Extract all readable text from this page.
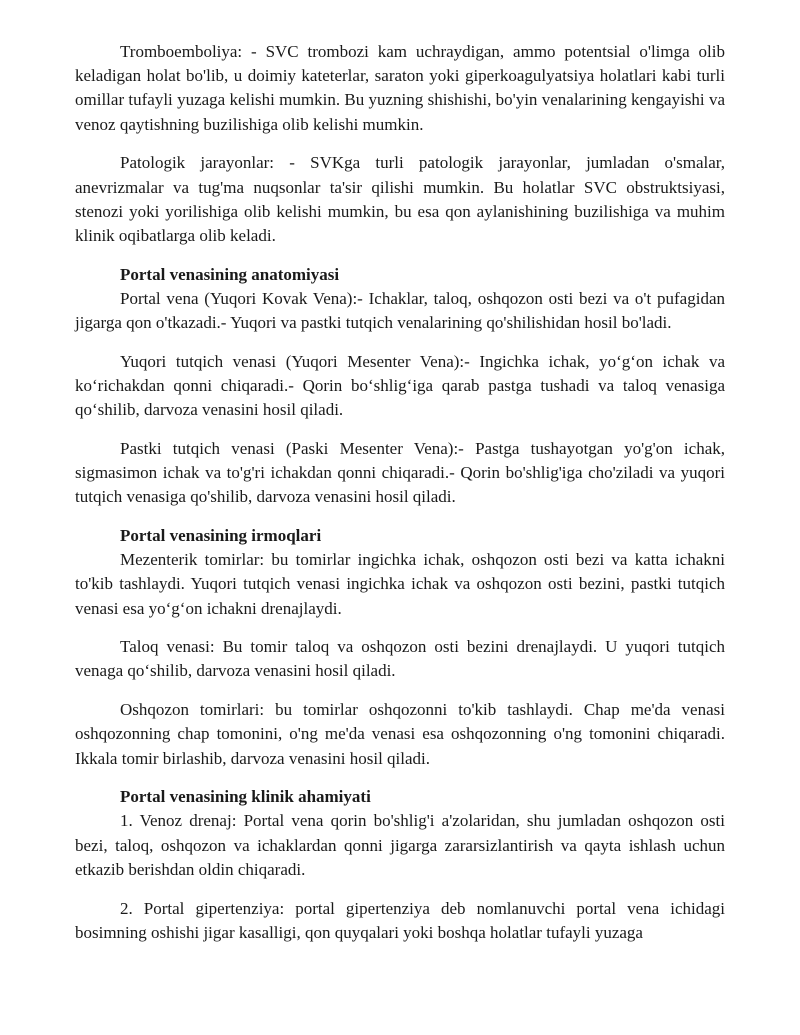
Tromboemboliya: - SVC trombozi kam uchraydigan, ammo potentsial o'limga olib keladigan holat bo'lib, u doimiy kateterlar, saraton yoki giperkoagulyatsiya holatlari kabi turli omillar tufayli yuzaga kelishi mumkin. Bu yuzning shishishi, bo'yin venalarining kengayishi va venoz qaytishning buzilishiga olib kelishi mumkin.

Patologik jarayonlar: - SVKga turli patologik jarayonlar, jumladan o'smalar, anevrizmalar va tug'ma nuqsonlar ta'sir qilishi mumkin. Bu holatlar SVC obstruktsiyasi, stenozi yoki yorilishiga olib kelishi mumkin, bu esa qon aylanishining buzilishiga va muhim klinik oqibatlarga olib keladi.

Portal venasining anatomiyasi

Portal vena (Yuqori Kovak Vena):- Ichaklar, taloq, oshqozon osti bezi va o't pufagidan jigarga qon o'tkazadi.- Yuqori va pastki tutqich venalarining qo'shilishidan hosil bo'ladi.

Yuqori tutqich venasi (Yuqori Mesenter Vena):- Ingichka ichak, yo‘g‘on ichak va ko‘richakdan qonni chiqaradi.- Qorin bo‘shlig‘iga qarab pastga tushadi va taloq venasiga qo‘shilib, darvoza venasini hosil qiladi.

Pastki tutqich venasi (Paski Mesenter Vena):- Pastga tushayotgan yo'g'on ichak, sigmasimon ichak va to'g'ri ichakdan qonni chiqaradi.- Qorin bo'shlig'iga cho'ziladi va yuqori tutqich venasiga qo'shilib, darvoza venasini hosil qiladi.

Portal venasining irmoqlari

Mezenterik tomirlar: bu tomirlar ingichka ichak, oshqozon osti bezi va katta ichakni to'kib tashlaydi. Yuqori tutqich venasi ingichka ichak va oshqozon osti bezini, pastki tutqich venasi esa yo‘g‘on ichakni drenajlaydi.

Taloq venasi: Bu tomir taloq va oshqozon osti bezini drenajlaydi. U yuqori tutqich venaga qo‘shilib, darvoza venasini hosil qiladi.

Oshqozon tomirlari: bu tomirlar oshqozonni to'kib tashlaydi. Chap me'da venasi oshqozonning chap tomonini, o'ng me'da venasi esa oshqozonning o'ng tomonini chiqaradi. Ikkala tomir birlashib, darvoza venasini hosil qiladi.

Portal venasining klinik ahamiyati

1. Venoz drenaj: Portal vena qorin bo'shlig'i a'zolaridan, shu jumladan oshqozon osti bezi, taloq, oshqozon va ichaklardan qonni jigarga zararsizlantirish va qayta ishlash uchun etkazib berishdan oldin chiqaradi.

2. Portal gipertenziya: portal gipertenziya deb nomlanuvchi portal vena ichidagi bosimning oshishi jigar kasalligi, qon quyqalari yoki boshqa holatlar tufayli yuzaga
